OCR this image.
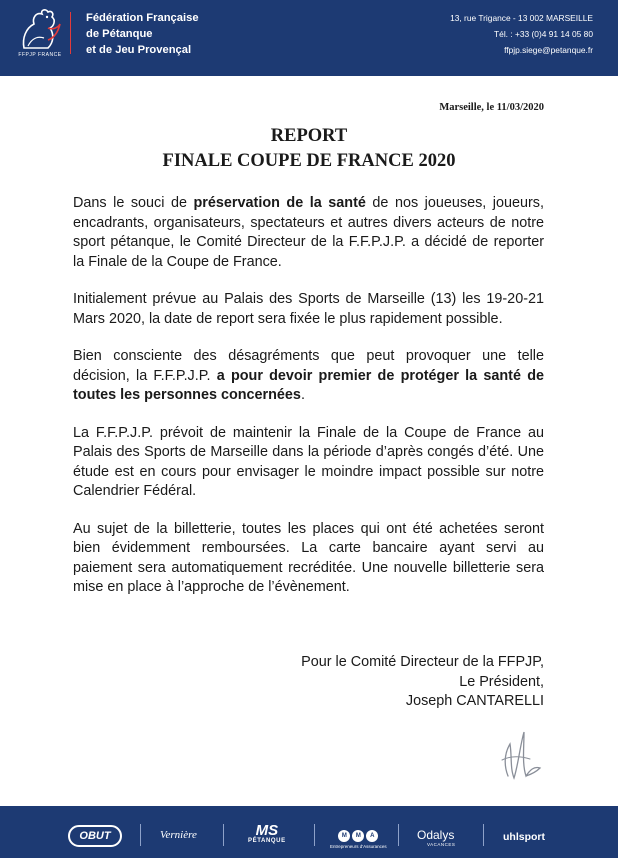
FFPJP FRANCE
Fédération Française
de Pétanque
et de Jeu Provençal
13, rue Trigance - 13 002 MARSEILLE
Tél. : +33 (0)4 91 14 05 80
ffpjp.siege@petanque.fr
Marseille, le 11/03/2020
REPORT
FINALE COUPE DE FRANCE 2020

Dans le souci de préservation de la santé de nos joueuses, joueurs, encadrants, organisateurs, spectateurs et autres divers acteurs de notre sport pétanque, le Comité Directeur de la F.F.P.J.P. a décidé de reporter la Finale de la Coupe de France.

Initialement prévue au Palais des Sports de Marseille (13) les 19-20-21 Mars 2020, la date de report sera fixée le plus rapidement possible.

Bien consciente des désagréments que peut provoquer une telle décision, la F.F.P.J.P. a pour devoir premier de protéger la santé de toutes les personnes concernées.

La F.F.P.J.P. prévoit de maintenir la Finale de la Coupe de France au Palais des Sports de Marseille dans la période d’après congés d’été. Une étude est en cours pour envisager le moindre impact possible sur notre Calendrier Fédéral.

Au sujet de la billetterie, toutes les places qui ont été achetées seront bien évidemment remboursées. La carte bancaire ayant servi au paiement sera automatiquement recréditée. Une nouvelle billetterie sera mise en place à l’approche de l’évènement.

Pour le Comité Directeur de la FFPJP,
Le Président,
Joseph CANTARELLI
OBUT	Vernière	MS
PÉTANQUE
M M A
Entrepreneurs d'Assurances
Odalys
VACANCES
uhlsport
